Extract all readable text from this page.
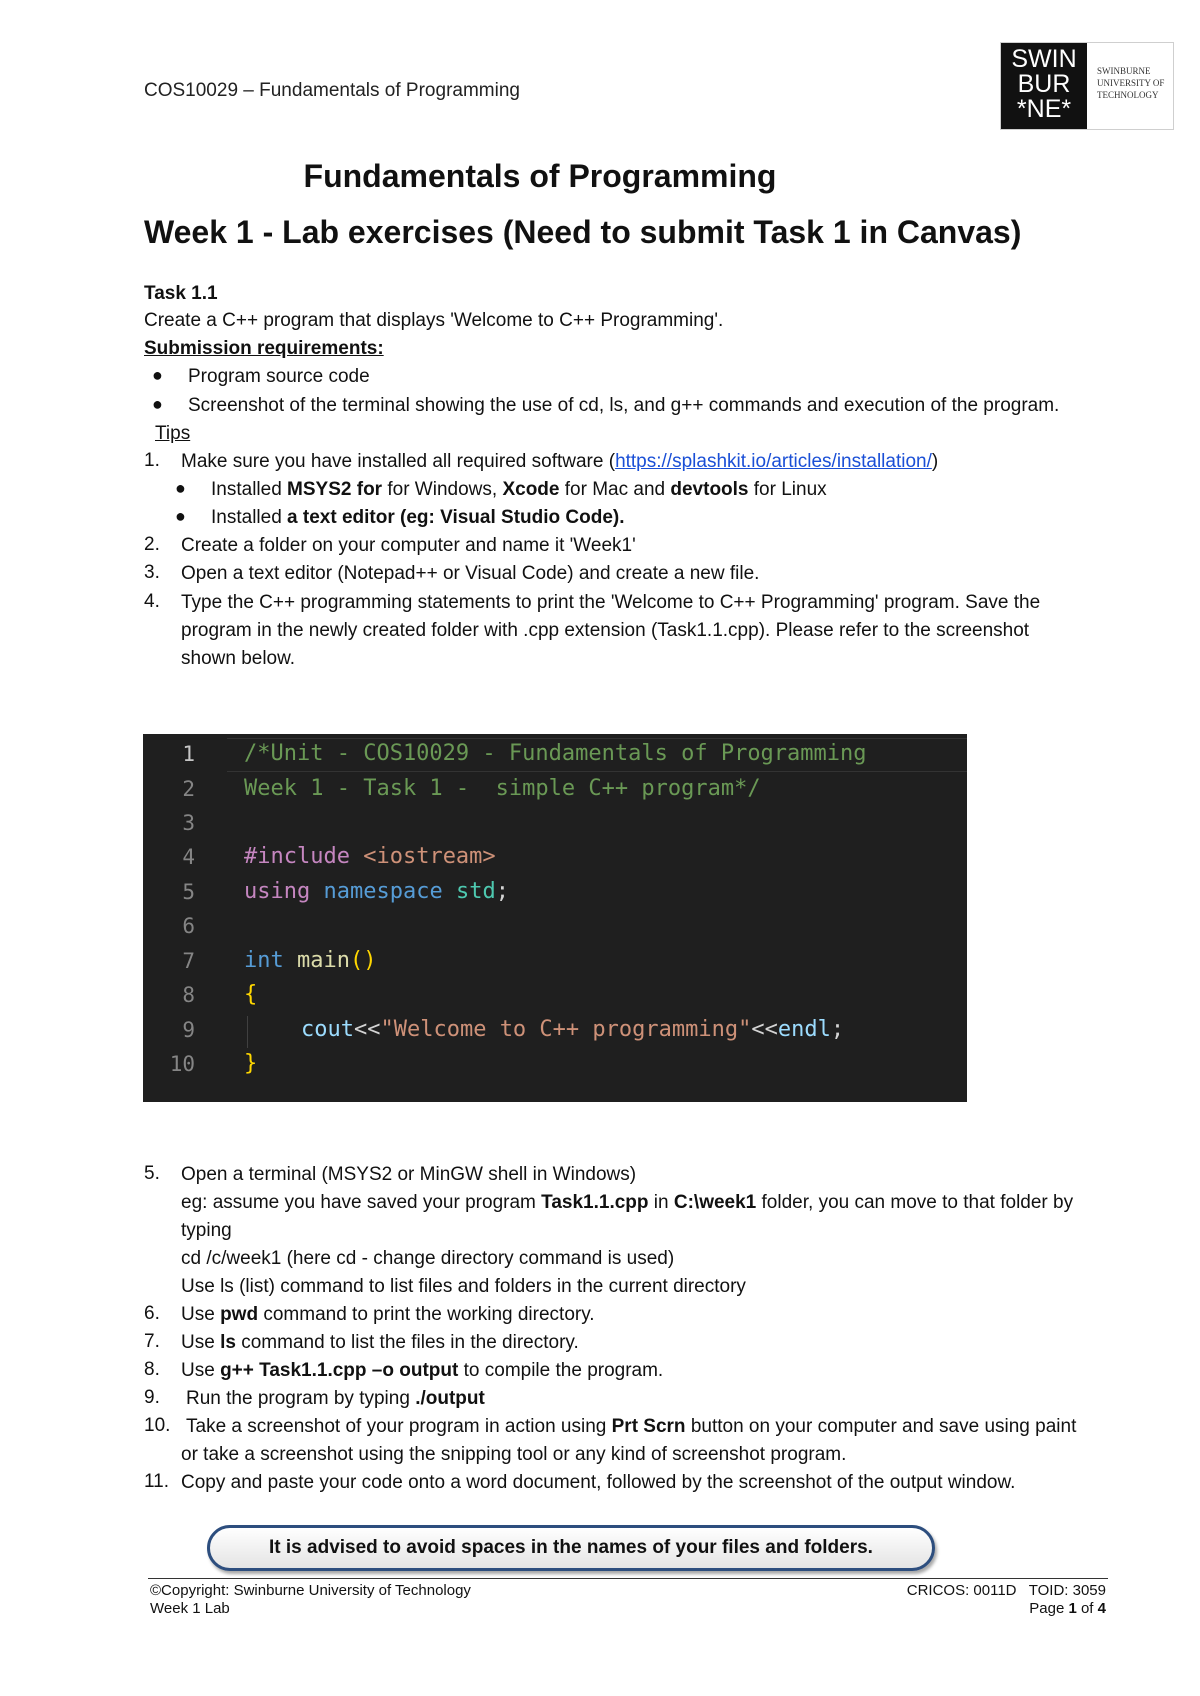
COS10029 – Fundamentals of Programming
SWIN
BUR
*NE*
SWINBURNE
UNIVERSITY OF
TECHNOLOGY
Fundamentals of Programming
Week 1 - Lab exercises (Need to submit Task 1 in Canvas)
Task 1.1
Create a C++ program that displays 'Welcome to C++ Programming'.
Submission requirements:
● Program source code
● Screenshot of the terminal showing the use of cd, ls, and g++ commands and execution of the program.
Tips
1. Make sure you have installed all required software (https://splashkit.io/articles/installation/)
● Installed MSYS2 for for Windows, Xcode for Mac and devtools for Linux
● Installed a text editor (eg: Visual Studio Code).
2. Create a folder on your computer and name it 'Week1'
3. Open a text editor (Notepad++ or Visual Code) and create a new file.
4. Type the C++ programming statements to print the 'Welcome to C++ Programming' program. Save the
program in the newly created folder with .cpp extension (Task1.1.cpp). Please refer to the screenshot
shown below.
1
2
3
4
5
6
7
8
9
10
/*Unit - COS10029 - Fundamentals of Programming
Week 1 - Task 1 -  simple C++ program*/
#include <iostream>
using namespace std;
int main()
{
cout<<"Welcome to C++ programming"<<endl;
}
5. Open a terminal (MSYS2 or MinGW shell in Windows)
eg: assume you have saved your program Task1.1.cpp in C:\week1 folder, you can move to that folder by
typing
cd /c/week1 (here cd - change directory command is used)
Use ls (list) command to list files and folders in the current directory
6. Use pwd command to print the working directory.
7. Use ls command to list the files in the directory.
8. Use g++ Task1.1.cpp –o output to compile the program.
9. Run the program by typing ./output
10. Take a screenshot of your program in action using Prt Scrn button on your computer and save using paint
or take a screenshot using the snipping tool or any kind of screenshot program.
11. Copy and paste your code onto a word document, followed by the screenshot of the output window.
It is advised to avoid spaces in the names of your files and folders.
©Copyright: Swinburne University of Technology
Week 1 Lab
CRICOS: 0011D   TOID: 3059
Page 1 of 4
